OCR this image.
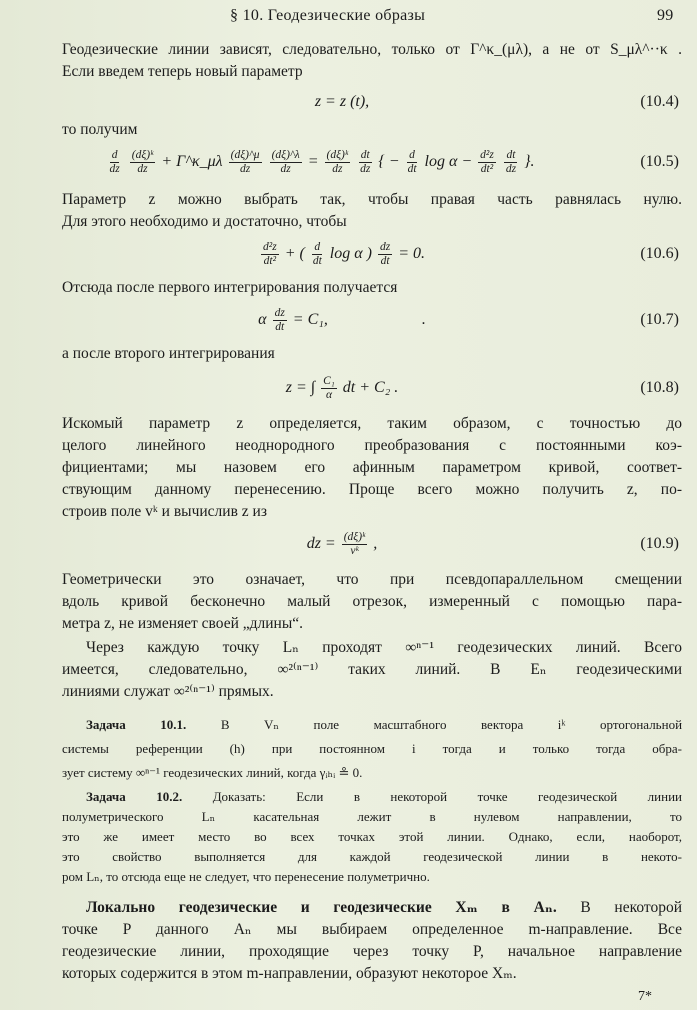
§ 10. Геодезические образы	99
Геодезические линии зависят, следовательно, только от Γ^κ_(μλ), а не от S_μλ^··κ .
Если введем теперь новый параметр
z = z (t),	(10.4)
то получим
$\frac{d}{dz}$
$\frac{\text{(dξ)ᵏ}}{dz}$ + Γ^κ_μλ $\frac{(d\xi)\^{}\mu}{dz}$
$\frac{(d\xi)\^{}\lambda}{dz} = \frac{\text{(dξ)ᵏ}}{dz}$
$\frac{dt}{dz}$ { − $\frac{d}{dt}$ $\log \alpha - \frac{\text{d²z}}{\text{dt²}}$
$\frac{dt}{dz}$ }.	(10.5)
Параметр z можно выбрать так, чтобы правая часть равнялась нулю.
Для этого необходимо и достаточно, чтобы
$\frac{\text{d²z}}{\text{dt²}}$ + ( $\frac{d}{dt}$ log α ) $\frac{dz}{dt} = 0$.	(10.6)
Отсюда после первого интегрирования получается
α $\frac{dz}{dt} = C_1$,	.	(10.7)
а после второго интегрирования
z = ∫ $\frac{\text{C₁}}{\alpha}$ dt + C₂ .	(10.8)
Искомый параметр z определяется, таким образом, с точностью до
целого линейного неоднородного преобразования с постоянными коэ-
фициентами; мы назовем его афинным параметром кривой, соответ-
ствующим данному перенесению. Проще всего можно получить z, по-
строив поле vᵏ и вычислив z из
dz = $\frac{\text{(dξ)ᵏ}}{\text{vᵏ}}$ ,	(10.9)
Геометрически это означает, что при псевдопараллельном смещении
вдоль кривой бесконечно малый отрезок, измеренный с помощью пара-
метра z, не изменяет своей „длины“.
Через каждую точку Lₙ проходят ∞ⁿ⁻¹ геодезических линий. Всего
имеется, следовательно, ∞²⁽ⁿ⁻¹⁾ таких линий. В Eₙ геодезическими
линиями служат ∞²⁽ⁿ⁻¹⁾ прямых.
Задача 10.1.	В Vₙ поле масштабного вектора iᵏ ортогональной
системы референции (h) при постоянном i тогда и только тогда обра-
зует систему ∞ⁿ⁻¹ геодезических линий, когда γᵢₕᵢ ≗ 0.
Задача 10.2. Доказать: Если в некоторой точке геодезической линии
полуметрического Lₙ касательная лежит в нулевом направлении, то
это же имеет место во всех точках этой линии. Однако, если, наоборот,
это свойство выполняется для каждой геодезической линии в некото-
ром Lₙ, то отсюда еще не следует, что перенесение полуметрично.
Локально геодезические и геодезические Xₘ в Aₙ. В некоторой
точке P данного Aₙ мы выбираем определенное m-направление. Все
геодезические линии, проходящие через точку P, начальное направление
которых содержится в этом m-направлении, образуют некоторое Xₘ.
7*
